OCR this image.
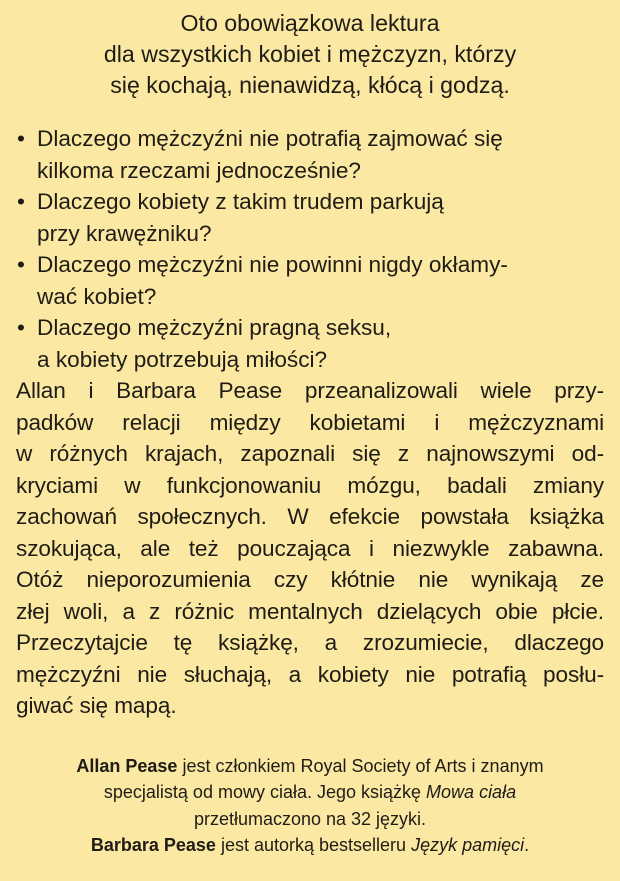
Oto obowiązkowa lektura
dla wszystkich kobiet i mężczyzn, którzy
się kochają, nienawidzą, kłócą i godzą.

• Dlaczego mężczyźni nie potrafią zajmować się
kilkoma rzeczami jednocześnie?
• Dlaczego kobiety z takim trudem parkują
przy krawężniku?
• Dlaczego mężczyźni nie powinni nigdy okłamy-
wać kobiet?
• Dlaczego mężczyźni pragną seksu,
a kobiety potrzebują miłości?

Allan i Barbara Pease przeanalizowali wiele przy-
padków relacji między kobietami i mężczyznami
w różnych krajach, zapoznali się z najnowszymi od-
kryciami w funkcjonowaniu mózgu, badali zmiany
zachowań społecznych. W efekcie powstała książka
szokująca, ale też pouczająca i niezwykle zabawna.
Otóż nieporozumienia czy kłótnie nie wynikają ze
złej woli, a z różnic mentalnych dzielących obie płcie.
Przeczytajcie tę książkę, a zrozumiecie, dlaczego
mężczyźni nie słuchają, a kobiety nie potrafią posłu-
giwać się mapą.

Allan Pease jest członkiem Royal Society of Arts i znanym
specjalistą od mowy ciała. Jego książkę Mowa ciała
przetłumaczono na 32 języki.
Barbara Pease jest autorką bestselleru Język pamięci.
